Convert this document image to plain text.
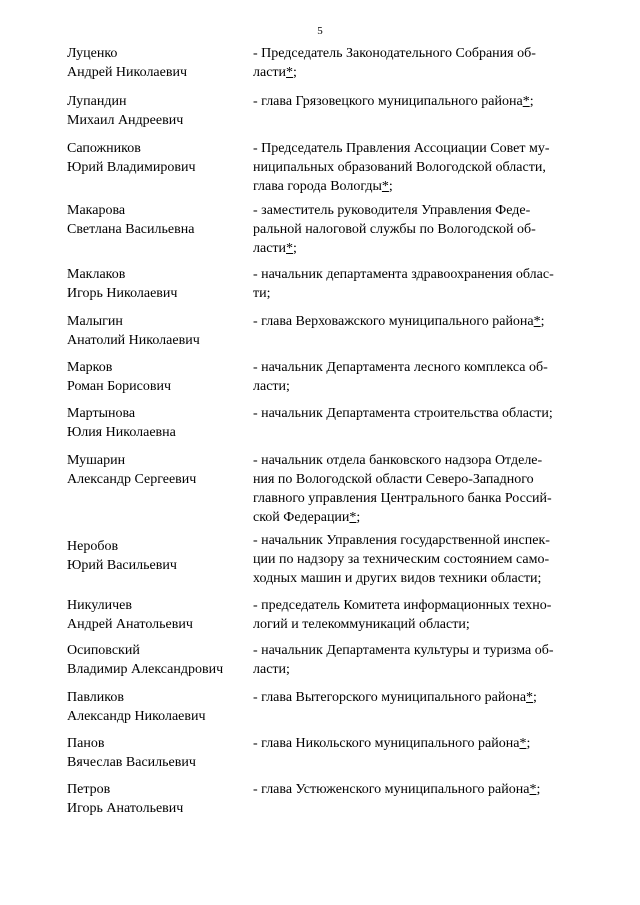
5
Луценко
Андрей Николаевич
- Председатель Законодательного Собрания об-
ласти*;
Лупандин
Михаил Андреевич
- глава Грязовецкого муниципального района*;
Сапожников
Юрий Владимирович
- Председатель Правления Ассоциации Совет му-
ниципальных образований Вологодской области,
глава города Вологды*;
Макарова
Светлана Васильевна
- заместитель руководителя Управления Феде-
ральной налоговой службы по Вологодской об-
ласти*;
Маклаков
Игорь Николаевич
- начальник департамента здравоохранения облас-
ти;
Малыгин
Анатолий Николаевич
- глава Верховажского муниципального района*;
Марков
Роман Борисович
- начальник Департамента лесного комплекса об-
ласти;
Мартынова
Юлия Николаевна
- начальник Департамента строительства области;
Мушарин
Александр Сергеевич
- начальник отдела банковского надзора Отделе-
ния по Вологодской области Северо-Западного
главного управления Центрального банка Россий-
ской Федерации*;
Неробов
Юрий Васильевич
- начальник Управления государственной инспек-
ции по надзору за техническим состоянием само-
ходных машин и других видов техники области;
Никуличев
Андрей Анатольевич
- председатель Комитета информационных техно-
логий и телекоммуникаций области;
Осиповский
Владимир Александрович
- начальник Департамента культуры и туризма об-
ласти;
Павликов
Александр Николаевич
- глава Вытегорского муниципального района*;
Панов
Вячеслав Васильевич
- глава Никольского муниципального района*;
Петров
Игорь Анатольевич
- глава Устюженского муниципального района*;
